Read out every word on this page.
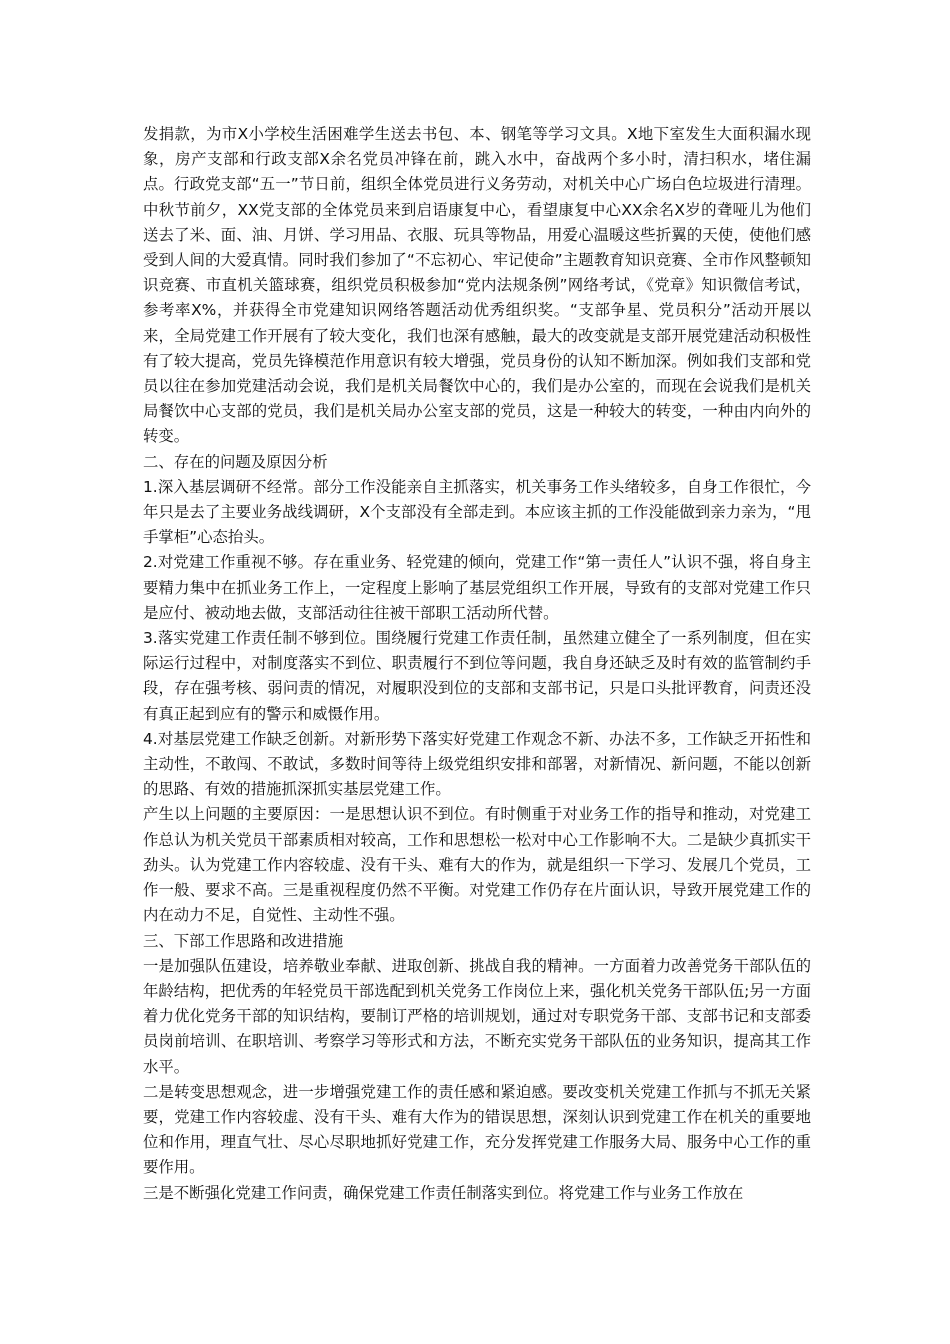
发捐款，为市X小学校生活困难学生送去书包、本、钢笔等学习文具。X地下室发生大面积漏水现象，房产支部和行政支部X余名党员冲锋在前，跳入水中，奋战两个多小时，清扫积水，堵住漏点。行政党支部“五一”节日前，组织全体党员进行义务劳动，对机关中心广场白色垃圾进行清理。中秋节前夕，XX党支部的全体党员来到启语康复中心，看望康复中心XX余名X岁的聋哑儿为他们送去了米、面、油、月饼、学习用品、衣服、玩具等物品，用爱心温暖这些折翼的天使，使他们感受到人间的大爱真情。同时我们参加了“不忘初心、牢记使命”主题教育知识竞赛、全市作风整顿知识竞赛、市直机关篮球赛，组织党员积极参加“党内法规条例”网络考试，《党章》知识微信考试，参考率X%，并获得全市党建知识网络答题活动优秀组织奖。“支部争星、党员积分”活动开展以来，全局党建工作开展有了较大变化，我们也深有感触，最大的改变就是支部开展党建活动积极性有了较大提高，党员先锋模范作用意识有较大增强，党员身份的认知不断加深。例如我们支部和党员以往在参加党建活动会说，我们是机关局餐饮中心的，我们是办公室的，而现在会说我们是机关局餐饮中心支部的党员，我们是机关局办公室支部的党员，这是一种较大的转变，一种由内向外的转变。

二、存在的问题及原因分析

1.深入基层调研不经常。部分工作没能亲自主抓落实，机关事务工作头绪较多，自身工作很忙，今年只是去了主要业务战线调研，X个支部没有全部走到。本应该主抓的工作没能做到亲力亲为，“甩手掌柜”心态抬头。

2.对党建工作重视不够。存在重业务、轻党建的倾向，党建工作“第一责任人”认识不强，将自身主要精力集中在抓业务工作上，一定程度上影响了基层党组织工作开展，导致有的支部对党建工作只是应付、被动地去做，支部活动往往被干部职工活动所代替。

3.落实党建工作责任制不够到位。围绕履行党建工作责任制，虽然建立健全了一系列制度，但在实际运行过程中，对制度落实不到位、职责履行不到位等问题，我自身还缺乏及时有效的监管制约手段，存在强考核、弱问责的情况，对履职没到位的支部和支部书记，只是口头批评教育，问责还没有真正起到应有的警示和威慑作用。

4.对基层党建工作缺乏创新。对新形势下落实好党建工作观念不新、办法不多，工作缺乏开拓性和主动性，不敢闯、不敢试，多数时间等待上级党组织安排和部署，对新情况、新问题，不能以创新的思路、有效的措施抓深抓实基层党建工作。

产生以上问题的主要原因：一是思想认识不到位。有时侧重于对业务工作的指导和推动，对党建工作总认为机关党员干部素质相对较高，工作和思想松一松对中心工作影响不大。二是缺少真抓实干劲头。认为党建工作内容较虚、没有干头、难有大的作为，就是组织一下学习、发展几个党员，工作一般、要求不高。三是重视程度仍然不平衡。对党建工作仍存在片面认识，导致开展党建工作的内在动力不足，自觉性、主动性不强。

三、下部工作思路和改进措施

一是加强队伍建设，培养敬业奉献、进取创新、挑战自我的精神。一方面着力改善党务干部队伍的年龄结构，把优秀的年轻党员干部选配到机关党务工作岗位上来，强化机关党务干部队伍;另一方面着力优化党务干部的知识结构，要制订严格的培训规划，通过对专职党务干部、支部书记和支部委员岗前培训、在职培训、考察学习等形式和方法，不断充实党务干部队伍的业务知识，提高其工作水平。

二是转变思想观念，进一步增强党建工作的责任感和紧迫感。要改变机关党建工作抓与不抓无关紧要，党建工作内容较虚、没有干头、难有大作为的错误思想，深刻认识到党建工作在机关的重要地位和作用，理直气壮、尽心尽职地抓好党建工作，充分发挥党建工作服务大局、服务中心工作的重要作用。

三是不断强化党建工作问责，确保党建工作责任制落实到位。将党建工作与业务工作放在
